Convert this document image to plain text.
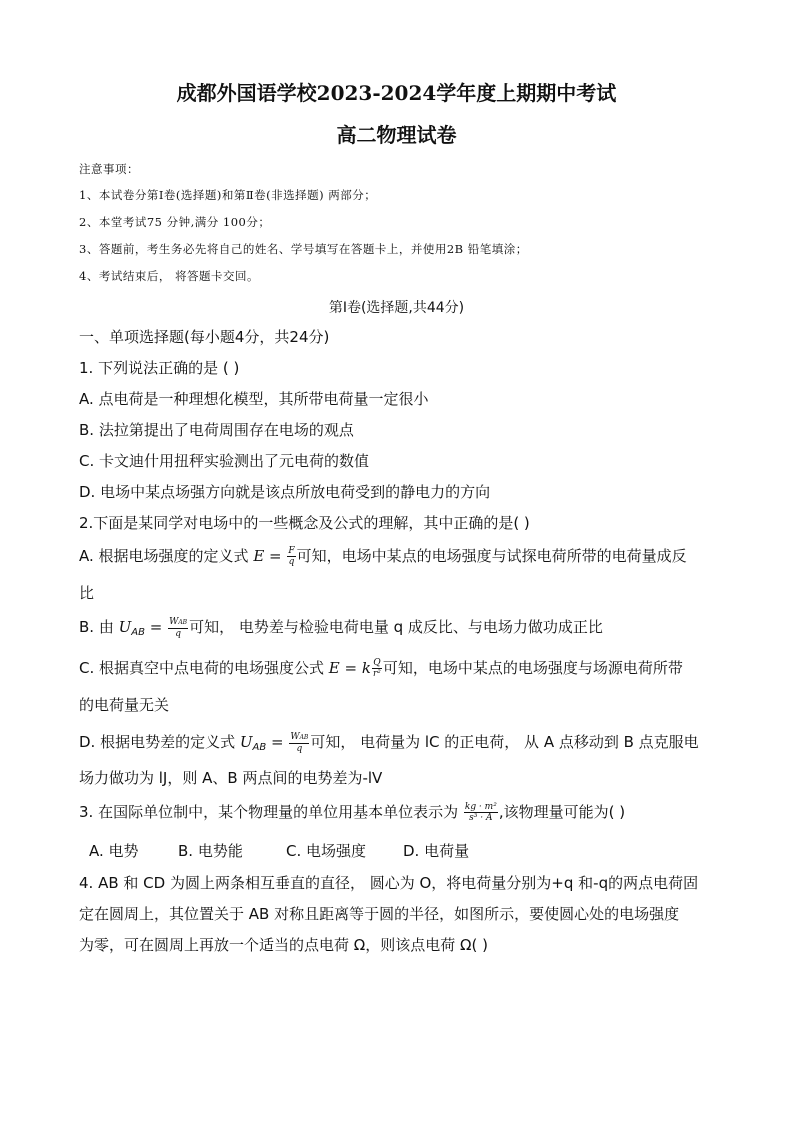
成都外国语学校2023-2024学年度上期期中考试
高二物理试卷
注意事项：
1、本试卷分第Ⅰ卷(选择题)和第Ⅱ卷(非选择题) 两部分；
2、本堂考试75 分钟,满分 100分；
3、答题前，考生务必先将自己的姓名、学号填写在答题卡上，并使用2B 铅笔填涂；
4、考试结束后， 将答题卡交回。
第Ⅰ卷(选择题,共44分)
一、单项选择题(每小题4分，共24分)
1. 下列说法正确的是 ( )
A. 点电荷是一种理想化模型，其所带电荷量一定很小
B. 法拉第提出了电荷周围存在电场的观点
C. 卡文迪什用扭秤实验测出了元电荷的数值
D. 电场中某点场强方向就是该点所放电荷受到的静电力的方向
2.下面是某同学对电场中的一些概念及公式的理解，其中正确的是( )
A. 根据电场强度的定义式 $E = \frac{F}{q}$ 可知，电场中某点的电场强度与试探电荷所带的电荷量成反
比
B. 由 $U_{AB} = \frac{\text{WAB}}{q}$ 可知， 电势差与检验电荷电量 q 成反比、与电场力做功成正比
C. 根据真空中点电荷的电场强度公式 E = k $\frac{Q}{\text{r²}}$ 可知，电场中某点的电场强度与场源电荷所带
的电荷量无关
D. 根据电势差的定义式 $U_{AB} = \frac{\text{WAB}}{q}$ 可知， 电荷量为 lC 的正电荷， 从 A 点移动到 B 点克服电
场力做功为 lJ，则 A、B 两点间的电势差为-lV
3. 在国际单位制中，某个物理量的单位用基本单位表示为 $\frac{\text{kg · m²}}{\text{s³ · A}}$ ,该物理量可能为( )
A. 电势	B. 电势能	C. 电场强度 D. 电荷量
4. AB 和 CD 为圆上两条相互垂直的直径， 圆心为 O，将电荷量分别为+q 和-q的两点电荷固
定在圆周上，其位置关于 AB 对称且距离等于圆的半径，如图所示，要使圆心处的电场强度
为零，可在圆周上再放一个适当的点电荷 Ω，则该点电荷 Ω( )
